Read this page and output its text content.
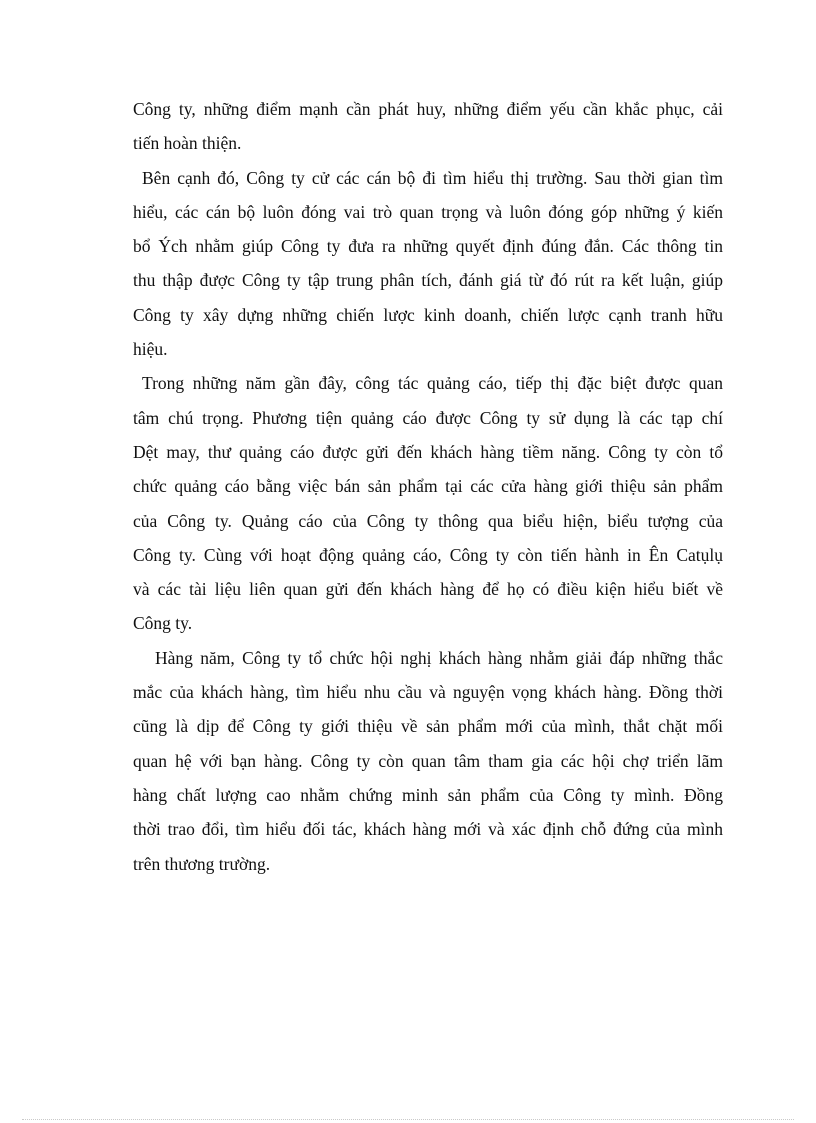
Công ty, những điểm mạnh cần phát huy, những điểm yếu cần khắc phục, cải
tiến hoàn thiện.
Bên cạnh đó, Công ty cử các cán bộ đi tìm hiểu thị trường. Sau thời gian tìm
hiểu, các cán bộ luôn đóng vai trò quan trọng và luôn đóng góp những ý kiến
bổ Ých nhằm giúp Công ty đưa ra những quyết định đúng đắn. Các thông tin
thu thập được Công ty tập trung phân tích, đánh giá từ đó rút ra kết luận, giúp
Công ty xây dựng những chiến lược kinh doanh, chiến lược cạnh tranh hữu
hiệu.
Trong những năm gần đây, công tác quảng cáo, tiếp thị đặc biệt được quan
tâm chú trọng. Phương tiện quảng cáo được Công ty sử dụng là các tạp chí
Dệt may, thư quảng cáo được gửi đến khách hàng tiềm năng. Công ty còn tổ
chức quảng cáo bằng việc bán sản phẩm tại các cửa hàng giới thiệu sản phẩm
của Công ty. Quảng cáo của Công ty thông qua biểu hiện, biểu tượng của
Công ty. Cùng với hoạt động quảng cáo, Công ty còn tiến hành in Ên Catụlụ
và các tài liệu liên quan gửi đến khách hàng để họ có điều kiện hiểu biết về
Công ty.
Hàng năm, Công ty tổ chức hội nghị khách hàng nhằm giải đáp những thắc
mắc của khách hàng, tìm hiểu nhu cầu và nguyện vọng khách hàng. Đồng thời
cũng là dịp để Công ty giới thiệu về sản phẩm mới của mình, thắt chặt mối
quan hệ với bạn hàng. Công ty còn quan tâm tham gia các hội chợ triển lãm
hàng chất lượng cao nhằm chứng minh sản phẩm của Công ty mình. Đồng
thời trao đổi, tìm hiểu đối tác, khách hàng mới và xác định chỗ đứng của mình
trên thương trường.
